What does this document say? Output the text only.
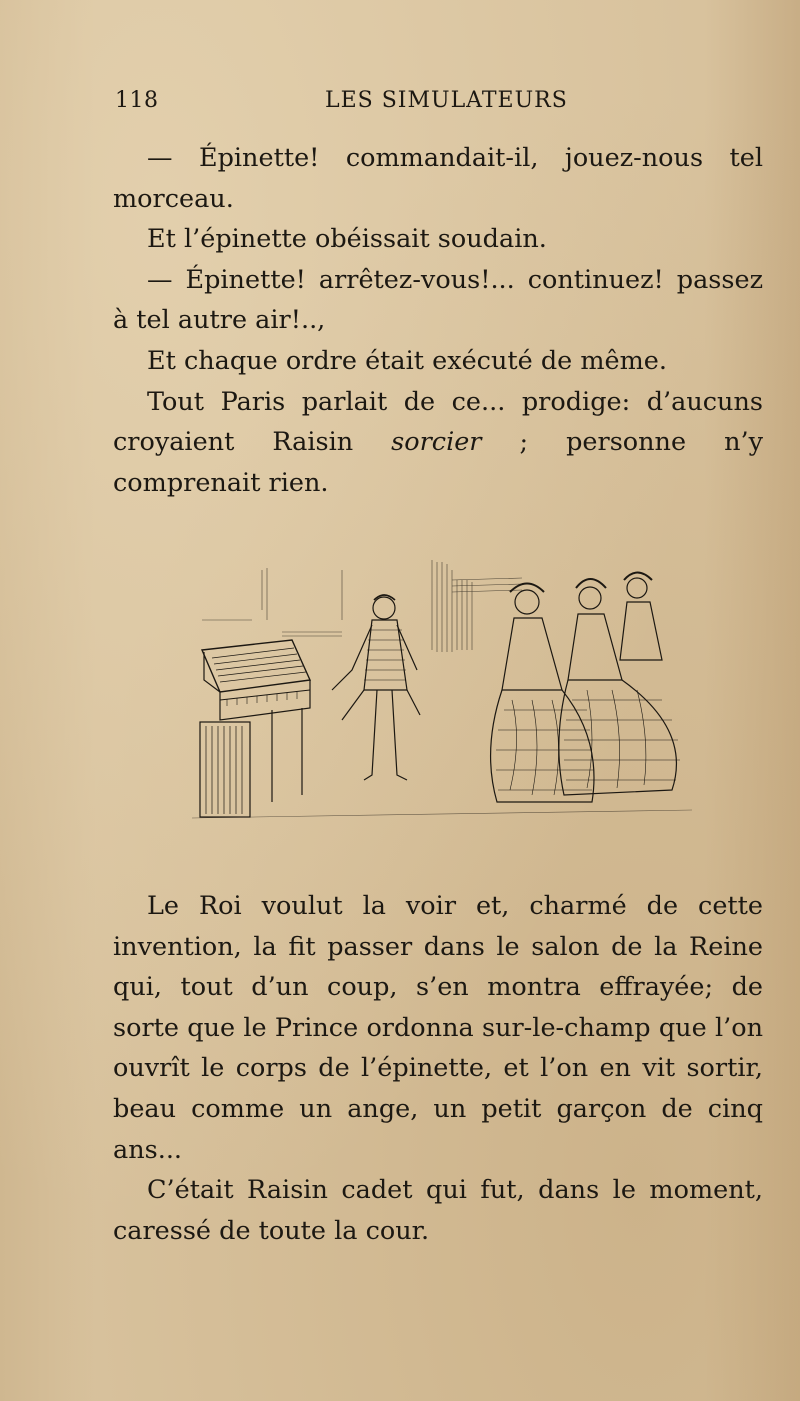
118	LES SIMULATEURS

— Épinette! commandait-il, jouez-nous tel morceau.

Et l’épinette obéissait soudain.

— Épinette! arrêtez-vous!... continuez! passez à tel autre air!..,

Et chaque ordre était exécuté de même.

Tout Paris parlait de ce... prodige: d’aucuns croyaient Raisin sorcier ; personne n’y comprenait rien.

Le Roi voulut la voir et, charmé de cette invention, la fit passer dans le salon de la Reine qui, tout d’un coup, s’en montra effrayée; de sorte que le Prince ordonna sur-le-champ que l’on ouvrît le corps de l’épinette, et l’on en vit sortir, beau comme un ange, un petit garçon de cinq ans...

C’était Raisin cadet qui fut, dans le moment, caressé de toute la cour.
